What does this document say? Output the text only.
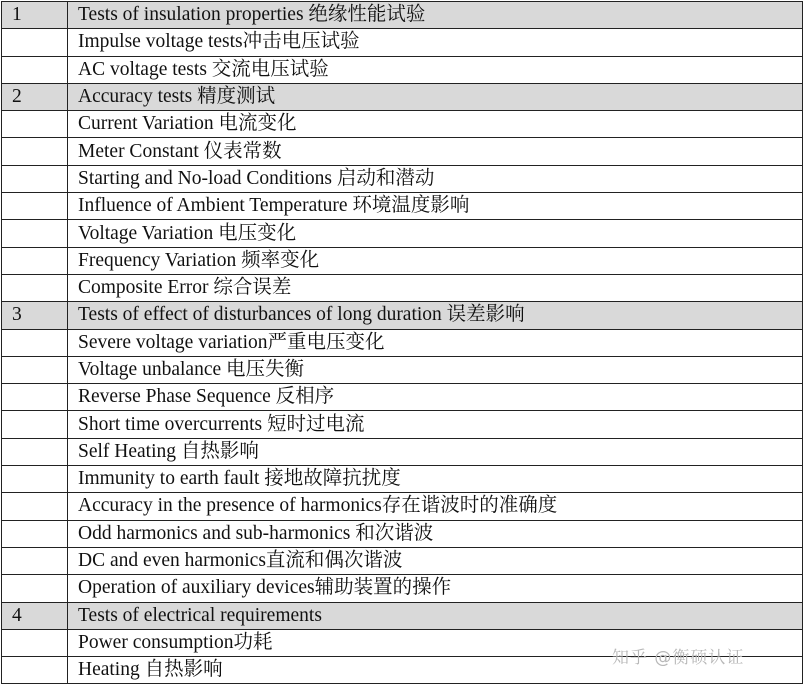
1	Tests of insulation properties 绝缘性能试验
	Impulse voltage tests冲击电压试验
	AC voltage tests 交流电压试验
2	Accuracy tests 精度测试
	Current Variation 电流变化
	Meter Constant 仪表常数
	Starting and No-load Conditions 启动和潜动
	Influence of Ambient Temperature 环境温度影响
	Voltage Variation 电压变化
	Frequency Variation 频率变化
	Composite Error 综合误差
3	Tests of effect of disturbances of long duration 误差影响
	Severe voltage variation严重电压变化
	Voltage unbalance 电压失衡
	Reverse Phase Sequence 反相序
	Short time overcurrents 短时过电流
	Self Heating 自热影响
	Immunity to earth fault 接地故障抗扰度
	Accuracy in the presence of harmonics存在谐波时的准确度
	Odd harmonics and sub-harmonics 和次谐波
	DC and even harmonics直流和偶次谐波
	Operation of auxiliary devices辅助装置的操作
4	Tests of electrical requirements
	Power consumption功耗
	Heating 自热影响
知乎 @衡硕认证
